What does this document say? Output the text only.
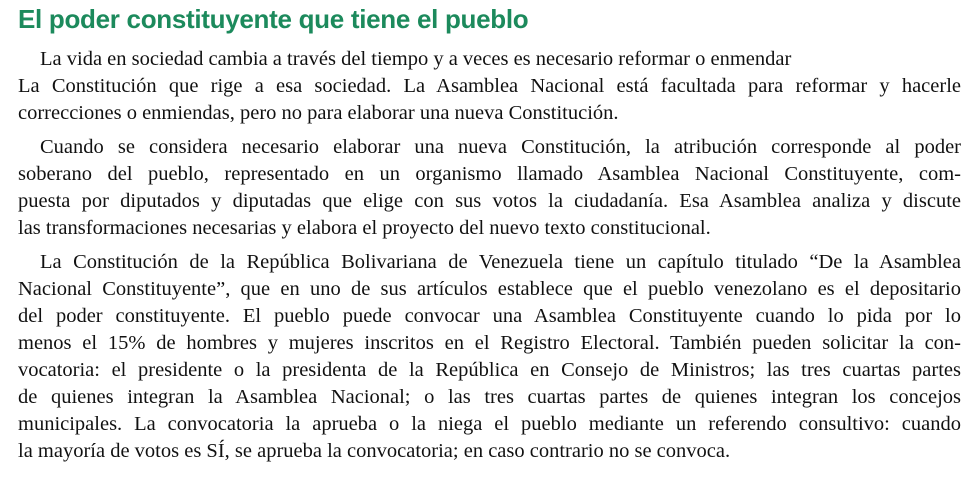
El poder constituyente que tiene el pueblo
La vida en sociedad cambia a través del tiempo y a veces es necesario reformar o enmendar
La Constitución que rige a esa sociedad. La Asamblea Nacional está facultada para reformar y hacerle
correcciones o enmiendas, pero no para elaborar una nueva Constitución.
Cuando se considera necesario elaborar una nueva Constitución, la atribución corresponde al poder
soberano del pueblo, representado en un organismo llamado Asamblea Nacional Constituyente, com-
puesta por diputados y diputadas que elige con sus votos la ciudadanía. Esa Asamblea analiza y discute
las transformaciones necesarias y elabora el proyecto del nuevo texto constitucional.
La Constitución de la República Bolivariana de Venezuela tiene un capítulo titulado “De la Asamblea
Nacional Constituyente”, que en uno de sus artículos establece que el pueblo venezolano es el depositario
del poder constituyente. El pueblo puede convocar una Asamblea Constituyente cuando lo pida por lo
menos el 15% de hombres y mujeres inscritos en el Registro Electoral. También pueden solicitar la con-
vocatoria: el presidente o la presidenta de la República en Consejo de Ministros; las tres cuartas partes
de quienes integran la Asamblea Nacional; o las tres cuartas partes de quienes integran los concejos
municipales. La convocatoria la aprueba o la niega el pueblo mediante un referendo consultivo: cuando
la mayoría de votos es SÍ, se aprueba la convocatoria; en caso contrario no se convoca.
